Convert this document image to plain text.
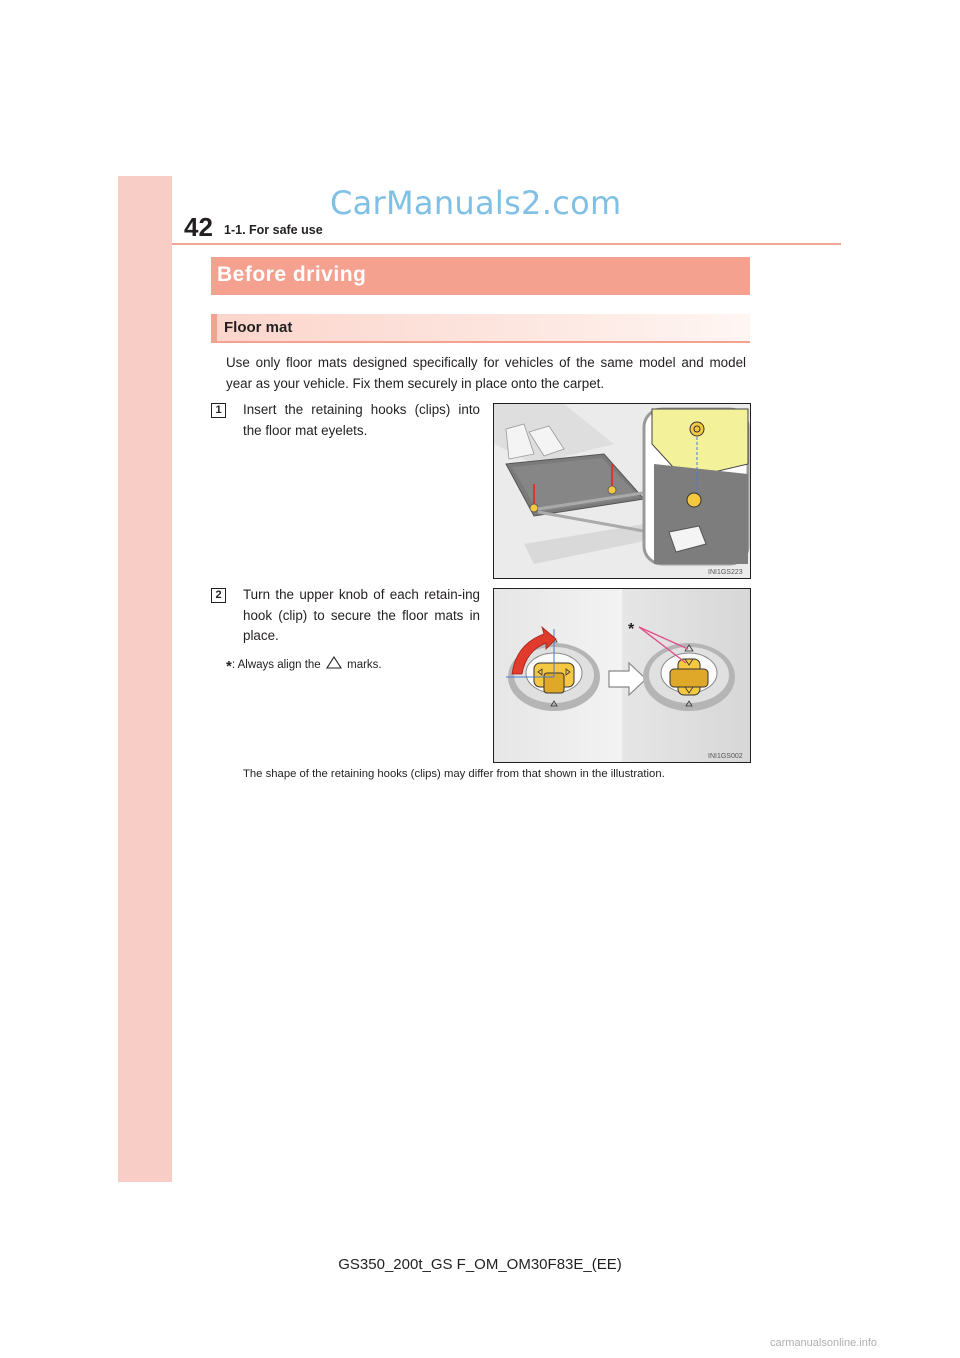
42 1-1. For safe use
CarManuals2.com
Before driving
Floor mat
Use only floor mats designed specifically for vehicles of the same model and model year as your vehicle. Fix them securely in place onto the carpet.
1	Insert the retaining hooks (clips) into the floor mat eyelets.
INI1GS223
2	Turn the upper knob of each retain-ing hook (clip) to secure the floor mats in place.
*: Always align the marks.
*
INI1GS002
The shape of the retaining hooks (clips) may differ from that shown in the illustration.
GS350_200t_GS F_OM_OM30F83E_(EE)
carmanualsonline.info
